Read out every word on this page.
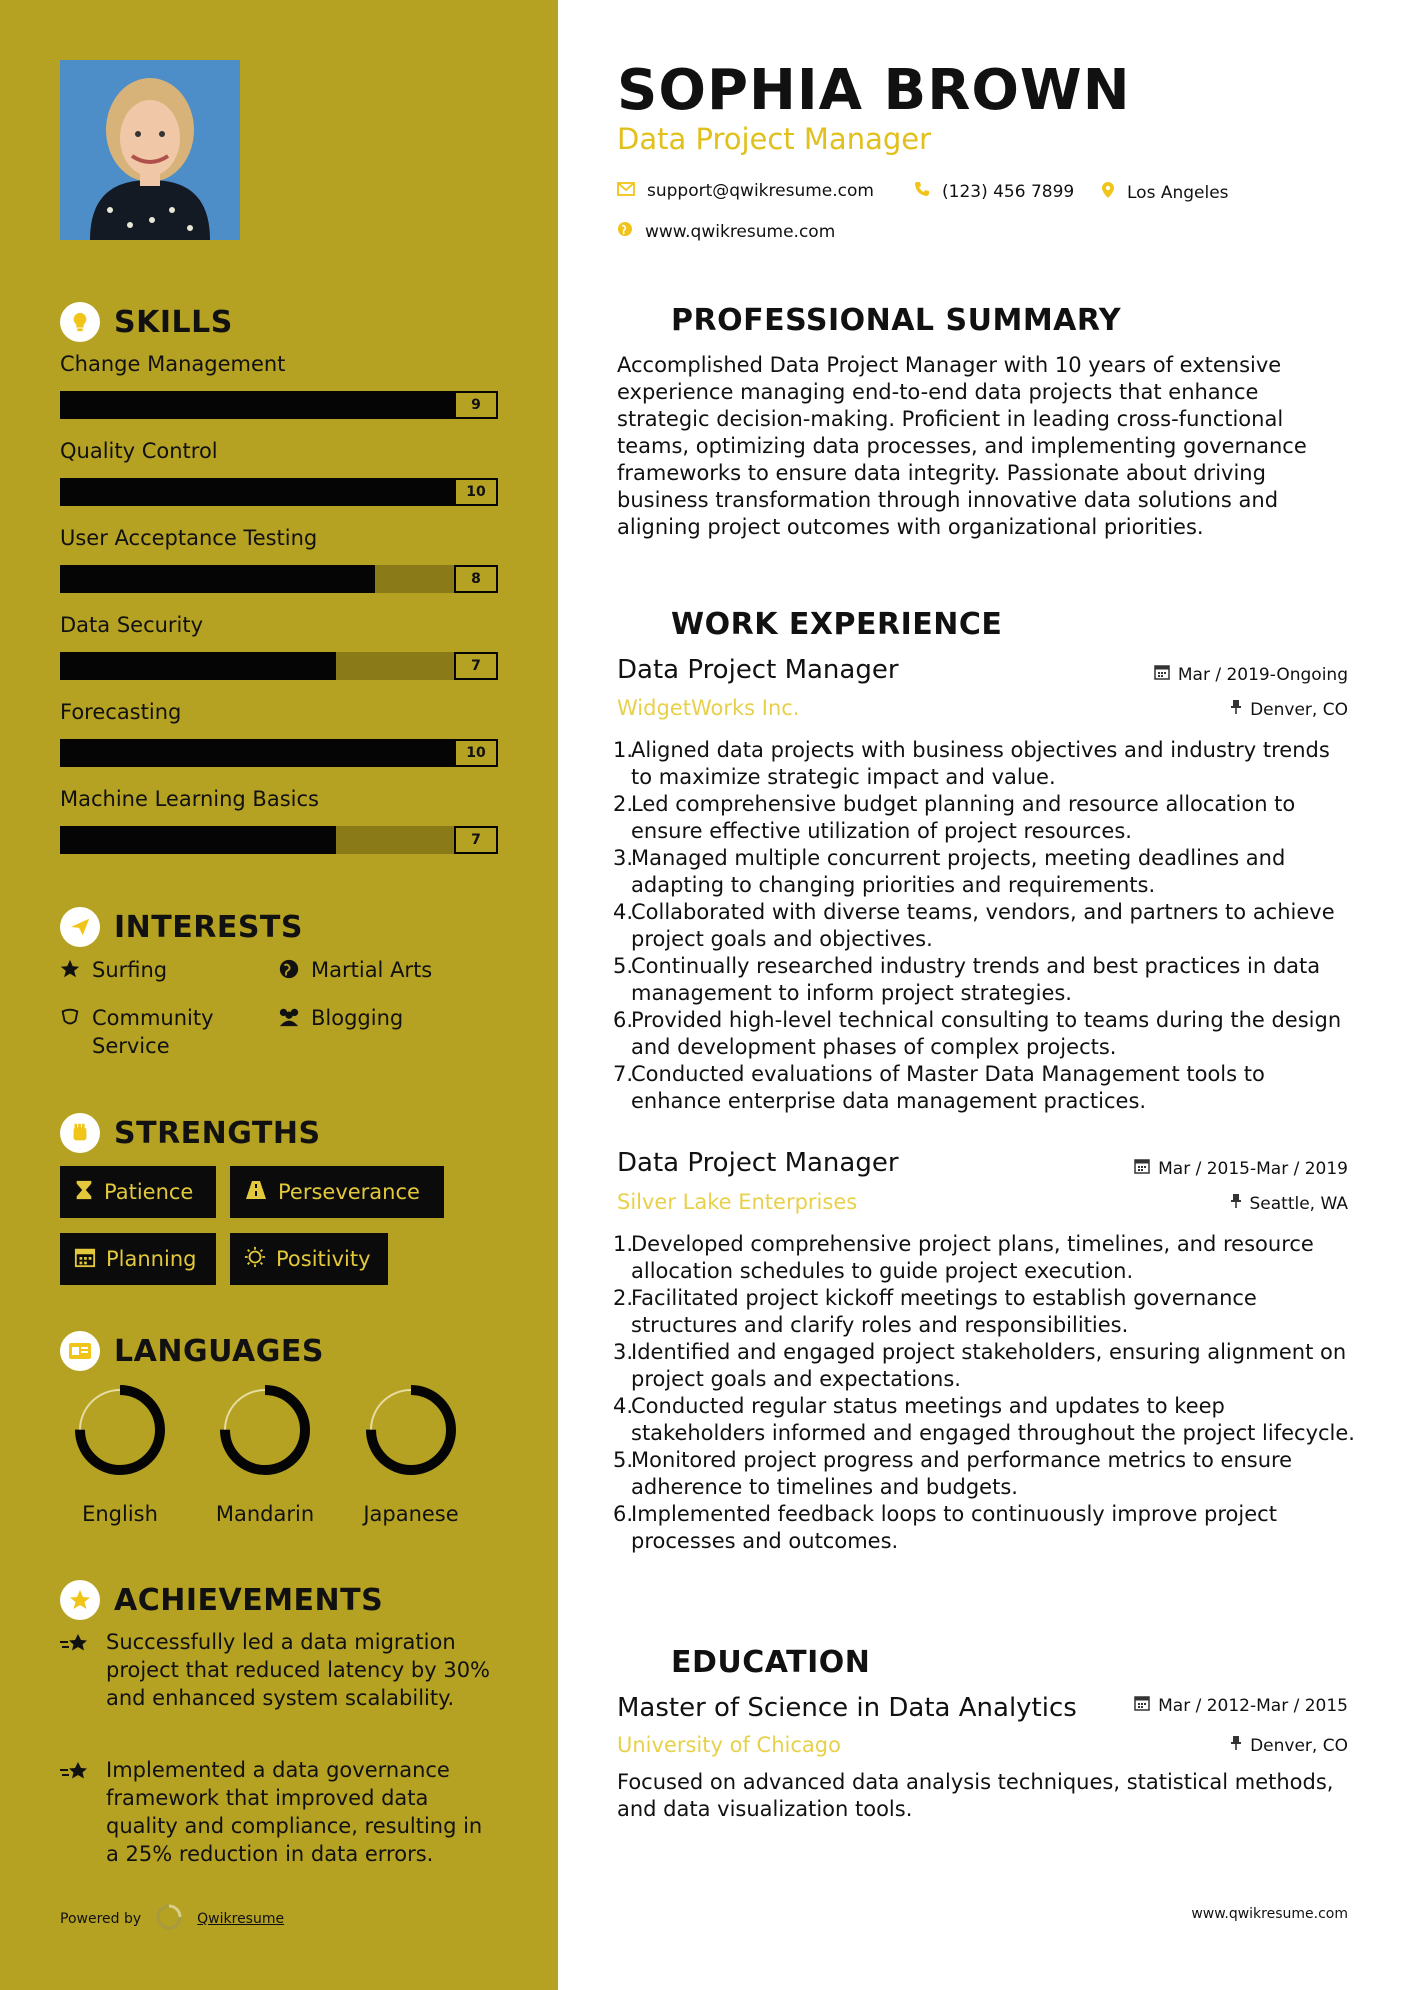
SKILLS
Change Management
9
Quality Control
10
User Acceptance Testing
8
Data Security
7
Forecasting
10
Machine Learning Basics
7
INTERESTS
Surfing	Martial Arts
Community Service
Blogging
STRENGTHS
Patience	Perseverance
Planning	Positivity
LANGUAGES
English	Mandarin	Japanese
ACHIEVEMENTS
Successfully led a data migration project that reduced latency by 30% and enhanced system scalability.
Implemented a data governance framework that improved data quality and compliance, resulting in a 25% reduction in data errors.
Powered by	Qwikresume
SOPHIA BROWN
Data Project Manager
support@qwikresume.com	(123) 456 7899	Los Angeles
www.qwikresume.com
PROFESSIONAL SUMMARY
Accomplished Data Project Manager with 10 years of extensive experience managing end-to-end data projects that enhance strategic decision-making. Proficient in leading cross-functional teams, optimizing data processes, and implementing governance frameworks to ensure data integrity. Passionate about driving business transformation through innovative data solutions and aligning project outcomes with organizational priorities.
WORK EXPERIENCE
Data Project Manager	Mar / 2019-Ongoing
WidgetWorks Inc.	Denver, CO
1.
Aligned data projects with business objectives and industry trends to maximize strategic impact and value.
2.
Led comprehensive budget planning and resource allocation to ensure effective utilization of project resources.
3.
Managed multiple concurrent projects, meeting deadlines and adapting to changing priorities and requirements.
4.
Collaborated with diverse teams, vendors, and partners to achieve project goals and objectives.
5.
Continually researched industry trends and best practices in data management to inform project strategies.
6.
Provided high-level technical consulting to teams during the design and development phases of complex projects.
7.
Conducted evaluations of Master Data Management tools to enhance enterprise data management practices.
Data Project Manager	Mar / 2015-Mar / 2019
Silver Lake Enterprises	Seattle, WA
1.
Developed comprehensive project plans, timelines, and resource allocation schedules to guide project execution.
2.
Facilitated project kickoff meetings to establish governance structures and clarify roles and responsibilities.
3.
Identified and engaged project stakeholders, ensuring alignment on project goals and expectations.
4.
Conducted regular status meetings and updates to keep stakeholders informed and engaged throughout the project lifecycle.
5.
Monitored project progress and performance metrics to ensure adherence to timelines and budgets.
6.
Implemented feedback loops to continuously improve project processes and outcomes.
EDUCATION
Master of Science in Data Analytics	Mar / 2012-Mar / 2015
University of Chicago	Denver, CO
Focused on advanced data analysis techniques, statistical methods, and data visualization tools.
www.qwikresume.com
